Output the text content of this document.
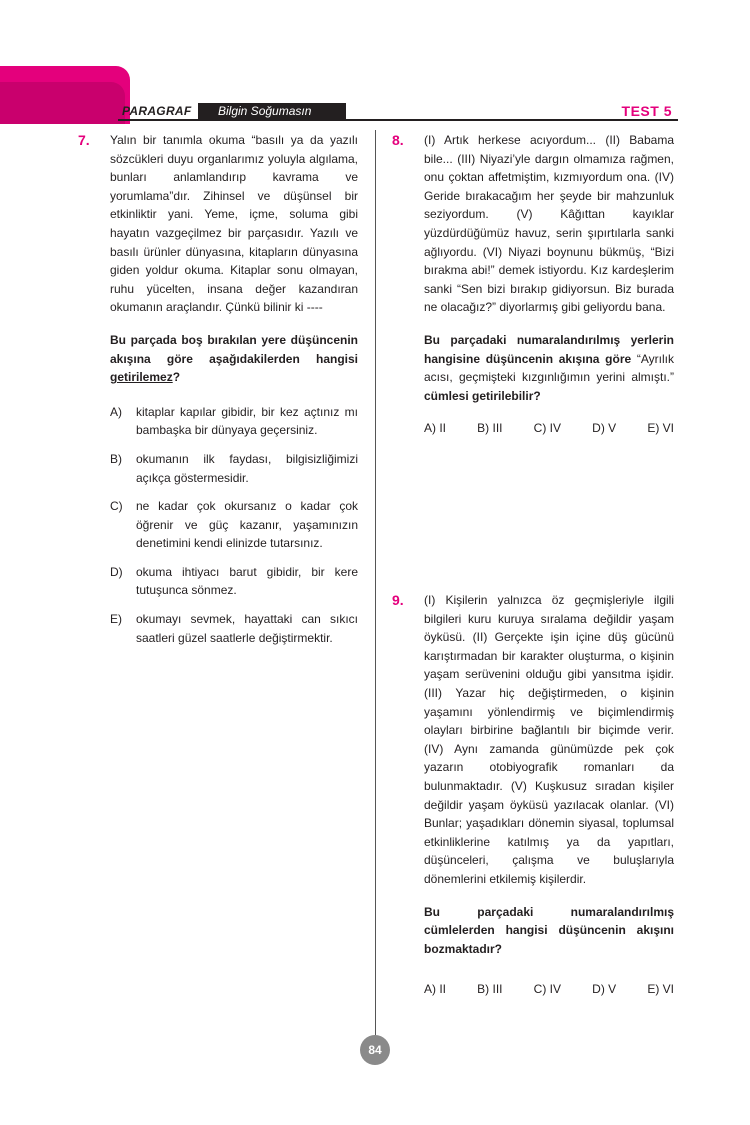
PARAGRAF	Bilgin Soğumasın	TEST 5
7. Yalın bir tanımla okuma “basılı ya da yazılı sözcükleri duyu organlarımız yoluyla algılama, bunları anlamlandırıp kavrama ve yorumlama”dır. Zihinsel ve düşünsel bir etkinliktir yani. Yeme, içme, soluma gibi hayatın vazgeçilmez bir parçasıdır. Yazılı ve basılı ürünler dünyasına, kitapların dünyasına giden yoldur okuma. Kitaplar sonu olmayan, ruhu yücelten, insana değer kazandıran okumanın araçlandır. Çünkü bilinir ki ----

Bu parçada boş bırakılan yere düşüncenin akışına göre aşağıdakilerden hangisi getirilemez?

A) kitaplar kapılar gibidir, bir kez açtınız mı bambaşka bir dünyaya geçersiniz.
B) okumanın ilk faydası, bilgisizliğimizi açıkça göstermesidir.
C) ne kadar çok okursanız o kadar çok öğrenir ve güç kazanır, yaşamınızın denetimini kendi elinizde tutarsınız.
D) okuma ihtiyacı barut gibidir, bir kere tutuşunca sönmez.
E) okumayı sevmek, hayattaki can sıkıcı saatleri güzel saatlerle değiştirmektir.
8. (I) Artık herkese acıyordum... (II) Babama bile... (III) Niyazi’yle dargın olmamıza rağmen, onu çoktan affetmiştim, kızmıyordum ona. (IV) Geride bırakacağım her şeyde bir mahzunluk seziyordum. (V) Kâğıttan kayıklar yüzdürdüğümüz havuz, serin şıpırtılarla sanki ağlıyordu. (VI) Niyazi boynunu bükmüş, “Bizi bırakma abi!” demek istiyordu. Kız kardeşlerim sanki “Sen bizi bırakıp gidiyorsun. Biz burada ne olacağız?” diyorlarmış gibi geliyordu bana.

Bu parçadaki numaralandırılmış yerlerin hangisine düşüncenin akışına göre “Ayrılık acısı, geçmişteki kızgınlığımın yerini almıştı.” cümlesi getirilebilir?

A) II	B) III	C) IV	D) V	E) VI
9. (I) Kişilerin yalnızca öz geçmişleriyle ilgili bilgileri kuru kuruya sıralama değildir yaşam öyküsü. (II) Gerçekte işin içine düş gücünü karıştırmadan bir karakter oluşturma, o kişinin yaşam serüvenini olduğu gibi yansıtma işidir. (III) Yazar hiç değiştirmeden, o kişinin yaşamını yönlendirmiş ve biçimlendirmiş olayları birbirine bağlantılı bir biçimde verir. (IV) Aynı zamanda günümüzde pek çok yazarın otobiyografik romanları da bulunmaktadır. (V) Kuşkusuz sıradan kişiler değildir yaşam öyküsü yazılacak olanlar. (VI) Bunlar; yaşadıkları dönemin siyasal, toplumsal etkinliklerine katılmış ya da yapıtları, düşünceleri, çalışma ve buluşlarıyla dönemlerini etkilemiş kişilerdir.

Bu parçadaki numaralandırılmış cümlelerden hangisi düşüncenin akışını bozmaktadır?

A) II	B) III	C) IV	D) V	E) VI
84
